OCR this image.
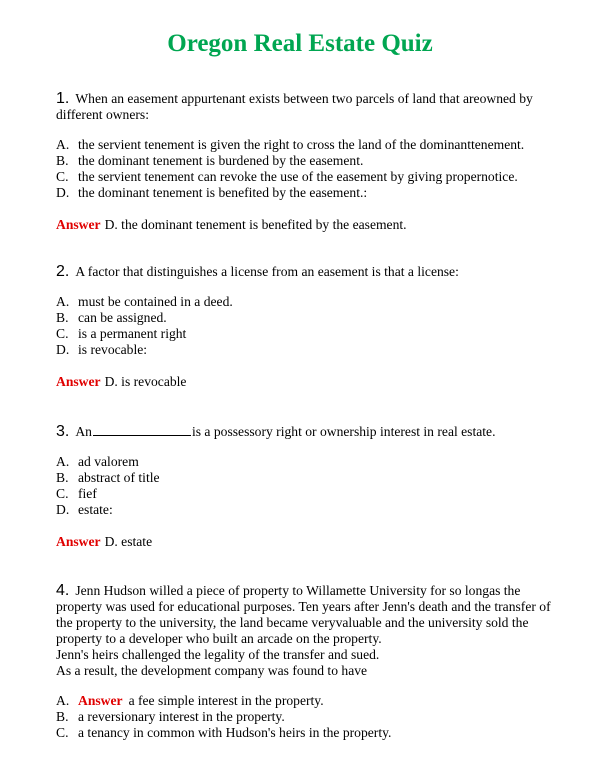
Oregon Real Estate Quiz
1. When an easement appurtenant exists between two parcels of land that areowned by different owners:
A. the servient tenement is given the right to cross the land of the dominanttenement.
B. the dominant tenement is burdened by the easement.
C. the servient tenement can revoke the use of the easement by giving propernotice.
D. the dominant tenement is benefited by the easement.:
Answer D. the dominant tenement is benefited by the easement.
2. A factor that distinguishes a license from an easement is that a license:
A. must be contained in a deed.
B. can be assigned.
C. is a permanent right
D. is revocable:
Answer D. is revocable
3. An	is a possessory right or ownership interest in real estate.
A. ad valorem
B. abstract of title
C. fief
D. estate:
Answer D. estate
4. Jenn Hudson willed a piece of property to Willamette University for so longas the property was used for educational purposes. Ten years after Jenn's death and the transfer of the property to the university, the land became veryvaluable and the university sold the property to a developer who built an arcade on the property.
Jenn's heirs challenged the legality of the transfer and sued.
As a result, the development company was found to have
A. Answer a fee simple interest in the property.
B. a reversionary interest in the property.
C. a tenancy in common with Hudson's heirs in the property.
